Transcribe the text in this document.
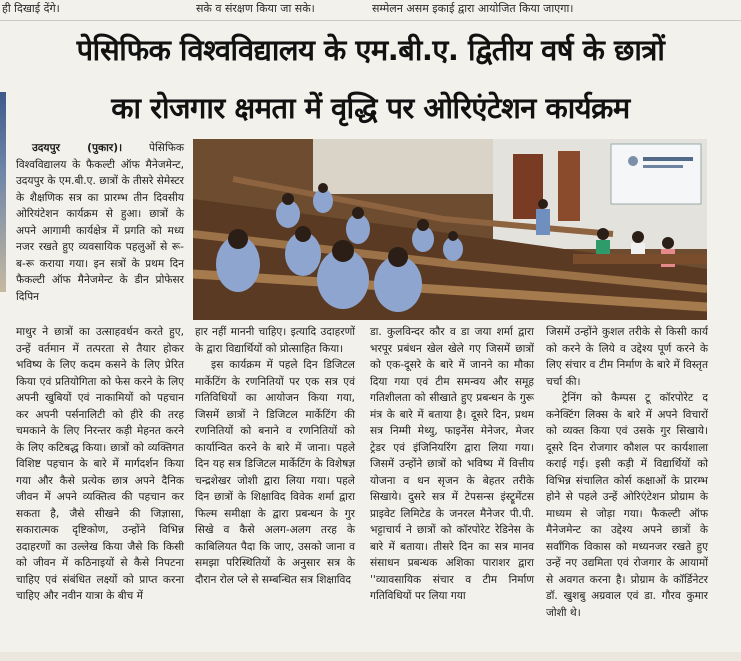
ही दिखाई देंगे।	सके व संरक्षण किया जा सके।	सम्मेलन असम इकाई द्वारा आयोजित किया जाएगा।
पेसिफिक विश्वविद्यालय के एम.बी.ए. द्वितीय वर्ष के छात्रों
का रोजगार क्षमता में वृद्धि पर ओरिएंटेशन कार्यक्रम

उदयपुर (पुकार)। पेसिफिक विश्वविद्यालय के फैकल्टी ऑफ मैनेजमेन्ट, उदयपुर के एम.बी.ए. छात्रों के तीसरे सेमेस्टर के शैक्षणिक सत्र का प्रारम्भ तीन दिवसीय ओरियंटेशन कार्यक्रम से हुआ। छात्रों के अपने आगामी कार्यक्षेत्र में प्रगति को मध्य नजर रखते हुए व्यवसायिक पहलुओं से रू-ब-रू कराया गया। इन सत्रों के प्रथम दिन फैकल्टी ऑफ मैनेजमेन्ट के डीन प्रोफेसर दिपिन

माथुर ने छात्रों का उत्साहवर्धन करते हुए, उन्हें वर्तमान में तत्परता से तैयार होकर भविष्य के लिए कदम कसने के लिए प्रेरित किया एवं प्रतियोगिता को फेस करने के लिए अपनी खुबियों एवं नाकामियों को पहचान कर अपनी पर्सनालिटी को हीरे की तरह चमकाने के लिए निरन्तर कड़ी मेहनत करने के लिए कटिबद्ध किया। छात्रों को व्यक्तिगत विशिष्ट पहचान के बारे में मार्गदर्शन किया गया और कैसे प्रत्येक छात्र अपने दैनिक जीवन में अपने व्यक्तित्व की पहचान कर सकता है, जैसे सीखने की जिज्ञासा, सकारात्मक दृष्टिकोण, उन्होंने विभिन्न उदाहरणों का उल्लेख किया जैसे कि किसी को जीवन में कठिनाइयों से कैसे निपटना चाहिए एवं संबंधित लक्ष्यों को प्राप्त करना चाहिए और नवीन यात्रा के बीच में

हार नहीं माननी चाहिए। इत्यादि उदाहरणों के द्वारा विद्यार्थियों को प्रोत्साहित किया।

इस कार्यक्रम में पहले दिन डिजिटल मार्केटिंग के रणनितियों पर एक सत्र एवं गतिविधियों का आयोजन किया गया, जिसमें छात्रों ने डिजिटल मार्केटिंग की रणनितियों को बनाने व रणनितियों को कार्यान्वित करने के बारे में जाना। पहले दिन यह सत्र डिजिटल मार्केटिंग के विशेषज्ञ चन्द्रशेखर जोशी द्वारा लिया गया। पहले दिन छात्रों के शिक्षाविद विवेक शर्मा द्वारा फिल्म समीक्षा के द्वारा प्रबन्धन के गुर सिखे व कैसे अलग-अलग तरह के काबिलियत पैदा कि जाए, उसको जाना व समझा परिस्थितियों के अनुसार सत्र के दौरान रोल प्ले से सम्बन्धित सत्र शिक्षाविद

डा. कुलविन्दर कौर व डा जया शर्मा द्वारा भरपूर प्रबंधन खेल खेले गए जिसमें छात्रों को एक-दूसरे के बारे में जानने का मौका दिया गया एवं टीम समन्वय और समूह गतिशीलता को सीखाते हुए प्रबन्धन के गुरू मंत्र के बारे में बताया है। दूसरे दिन, प्रथम सत्र निम्मी मेथ्यु, फाइनेंस मेनेजर, मेजर ट्रेडर एवं इंजिनियरिंग द्वारा लिया गया। जिसमें उन्होंने छात्रों को भविष्य में वित्तीय योजना व धन सृजन के बेहतर तरीके सिखाये। दुसरे सत्र में टेपसन्स इंस्ट्रूमेंटस प्राइवेट लिमिटेड के जनरल मैनेजर पी.पी. भट्टाचार्य ने छात्रों को कॉरपोरेट रेडिनेस के बारे में बताया। तीसरे दिन का सत्र मानव संसाधन प्रबन्धक अशिका पाराशर द्वारा ''व्यावसायिक संचार व टीम निर्माण गतिविधियों पर लिया गया

जिसमें उन्होंने कुशल तरीके से किसी कार्य को करने के लिये व उद्देश्य पूर्ण करने के लिए संचार व टीम निर्माण के बारे में विस्तृत चर्चा की।

ट्रेनिंग को कैम्पस टू कॉरपोरेट द कनेक्टिंग लिक्स के बारे में अपने विचारों को व्यक्त किया एवं उसके गुर सिखाये। दूसरे दिन रोजगार कौशल पर कार्यशाला कराई गई। इसी कड़ी में विद्यार्थियों को विभिन्न संचालित कोर्स कक्षाओं के प्रारम्भ होने से पहले उन्हें ओरिएंटेशन प्रोग्राम के माध्यम से जोड़ा गया। फैकल्टी ऑफ मैनेजमेन्ट का उद्देश्य अपने छात्रों के सर्वांगिक विकास को मध्यनजर रखते हुए उन्हें नए उद्यमिता एवं रोजगार के आयामों से अवगत करना है। प्रोग्राम के कॉर्डिनेटर डॉ. खुशबु अग्रवाल एवं डा. गौरव कुमार जोशी थे।
